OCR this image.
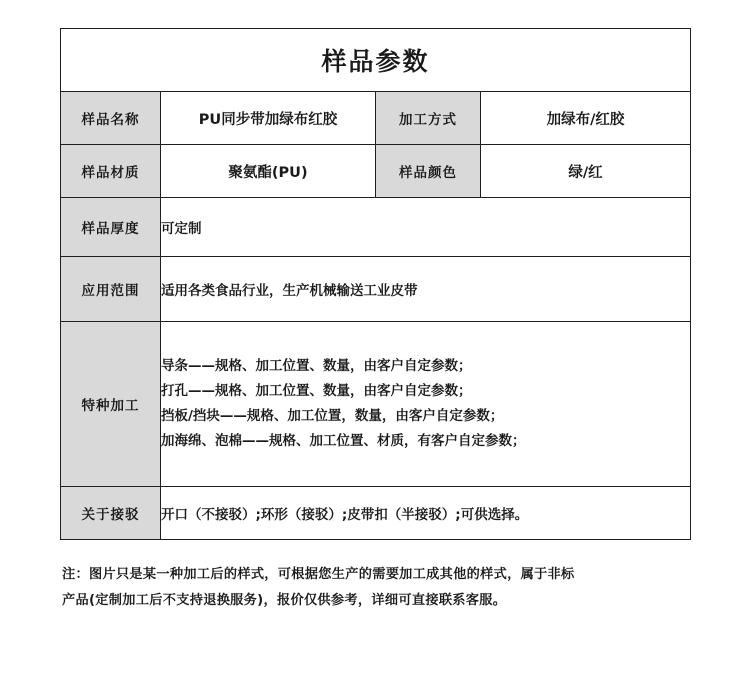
样品参数			
样品名称	PU同步带加绿布红胶	加工方式	加绿布/红胶
样品材质	聚氨酯(PU)	样品颜色	绿/红
样品厚度	可定制		
应用范围	适用各类食品行业，生产机械输送工业皮带		
特种加工	导条——规格、加工位置、数量，由客户自定参数；
打孔——规格、加工位置、数量，由客户自定参数；
挡板/挡块——规格、加工位置，数量，由客户自定参数；
加海绵、泡棉——规格、加工位置、材质，有客户自定参数；		

关于接驳	开口（不接驳）;环形（接驳）;皮带扣（半接驳）;可供选择。		
注：图片只是某一种加工后的样式，可根据您生产的需要加工成其他的样式，属于非标
产品(定制加工后不支持退换服务)，报价仅供参考，详细可直接联系客服。
